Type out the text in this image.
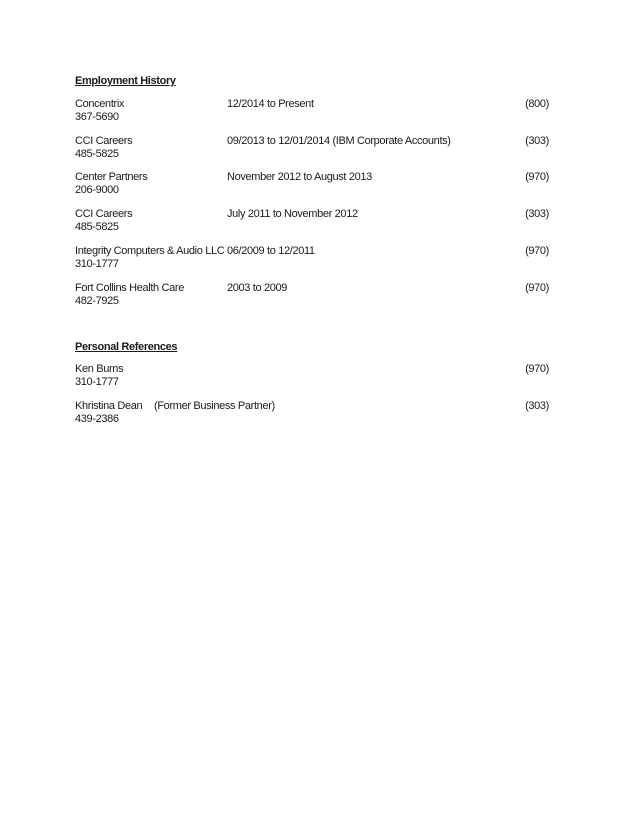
Employment History
Concentrix	12/2014 to Present	(800)
367-5690
CCI Careers	09/2013 to 12/01/2014 (IBM Corporate Accounts)	(303)
485-5825
Center Partners	November 2012 to August 2013	(970)
206-9000
CCI Careers	July 2011 to November 2012	(303)
485-5825
Integrity Computers & Audio LLC 06/2009 to 12/2011	(970)
310-1777
Fort Collins Health Care	2003 to 2009	(970)
482-7925
Personal References
Ken Burns	(970)
310-1777
Khristina Dean (Former Business Partner)	(303)
439-2386
